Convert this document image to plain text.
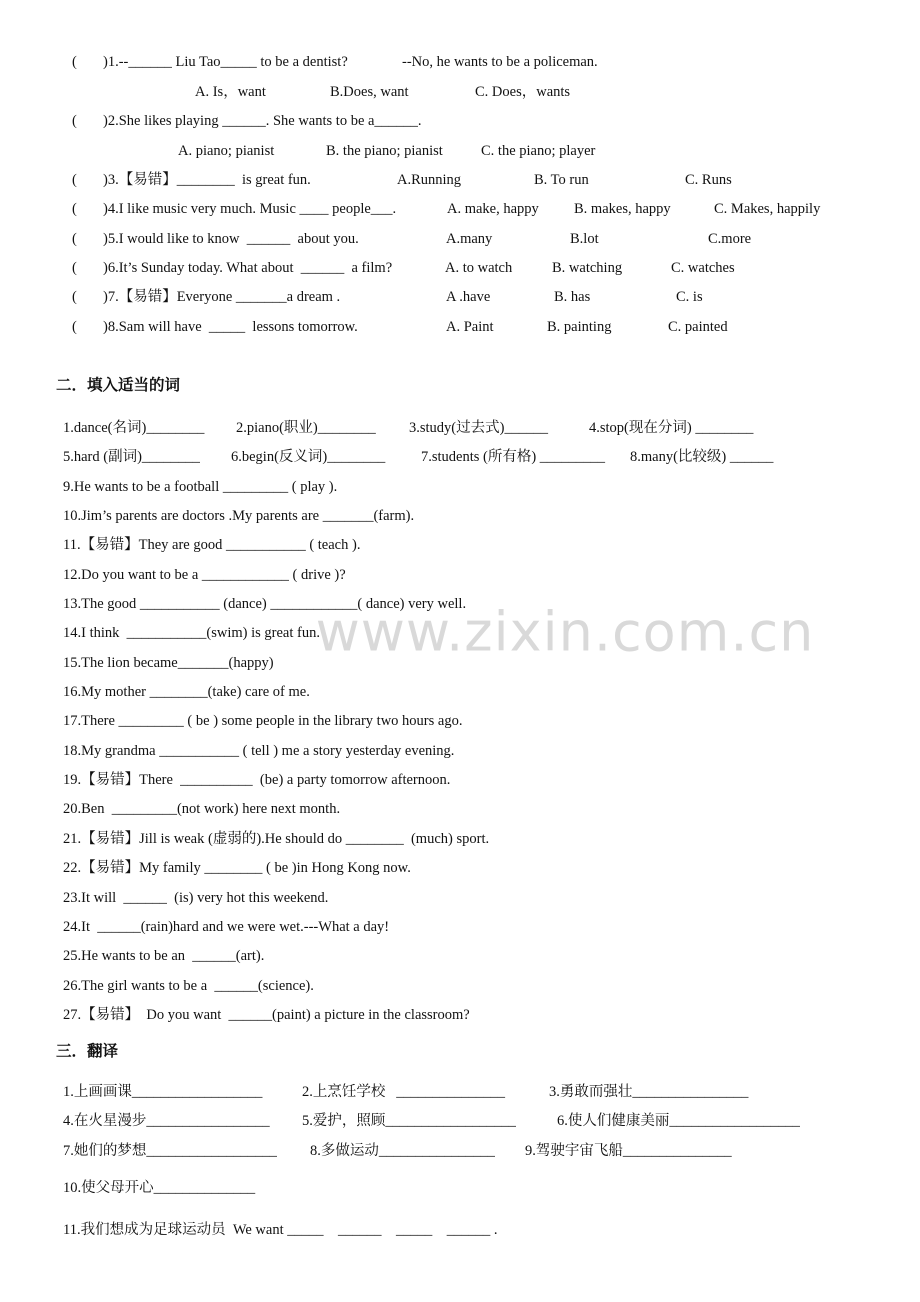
www.zixin.com.cn
( )1.--______ Liu Tao_____ to be a dentist?	--No, he wants to be a policeman.
A. Is，want	B.Does, want	C. Does，wants
( )2.She likes playing ______. She wants to be a______.
A. piano; pianist	B. the piano; pianist	C. the piano; player
( )3.【易错】________  is great fun.	A.Running	B. To run	C. Runs
( )4.I like music very much. Music ____ people___.	A. make, happy B. makes, happy	C. Makes, happily
( )5.I would like to know  ______  about you.	A.many	B.lot	C.more
( )6.It’s Sunday today. What about  ______  a film?	A. to watch	B. watching	C. watches
( )7.【易错】Everyone _______a dream .	A .have	B. has	C. is
( )8.Sam will have  _____  lessons tomorrow.	A. Paint	B. painting	C. painted
二．填入适当的词
1.dance(名词)________ 2.piano(职业)________ 3.study(过去式)______	4.stop(现在分词) ________
5.hard (副词)________ 6.begin(反义词)________ 7.students (所有格) _________ 8.many(比较级) ______
9.He wants to be a football _________ ( play ).
10.Jim’s parents are doctors .My parents are _______(farm).
11.【易错】They are good ___________ ( teach ).
12.Do you want to be a ____________ ( drive )?
13.The good ___________ (dance) ____________( dance) very well.
14.I think  ___________(swim) is great fun.
15.The lion became_______(happy)
16.My mother ________(take) care of me.
17.There _________ ( be ) some people in the library two hours ago.
18.My grandma ___________ ( tell ) me a story yesterday evening.
19.【易错】There  __________  (be) a party tomorrow afternoon.
20.Ben  _________(not work) here next month.
21.【易错】Jill is weak (虚弱的).He should do ________  (much) sport.
22.【易错】My family ________ ( be )in Hong Kong now.
23.It will  ______  (is) very hot this weekend.
24.It  ______(rain)hard and we were wet.---What a day!
25.He wants to be an  ______(art).
26.The girl wants to be a  ______(science).
27.【易错】  Do you want  ______(paint) a picture in the classroom?
三．翻译
1.上画画课__________________	2.上烹饪学校   _______________	3.勇敢而强壮________________
4.在火星漫步_________________ 5.爱护，照顾__________________	6.使人们健康美丽__________________
7.她们的梦想__________________ 8.多做运动________________ 9.驾驶宇宙飞船_______________
10.使父母开心______________
11.我们想成为足球运动员  We want _____    ______    _____    ______ .
